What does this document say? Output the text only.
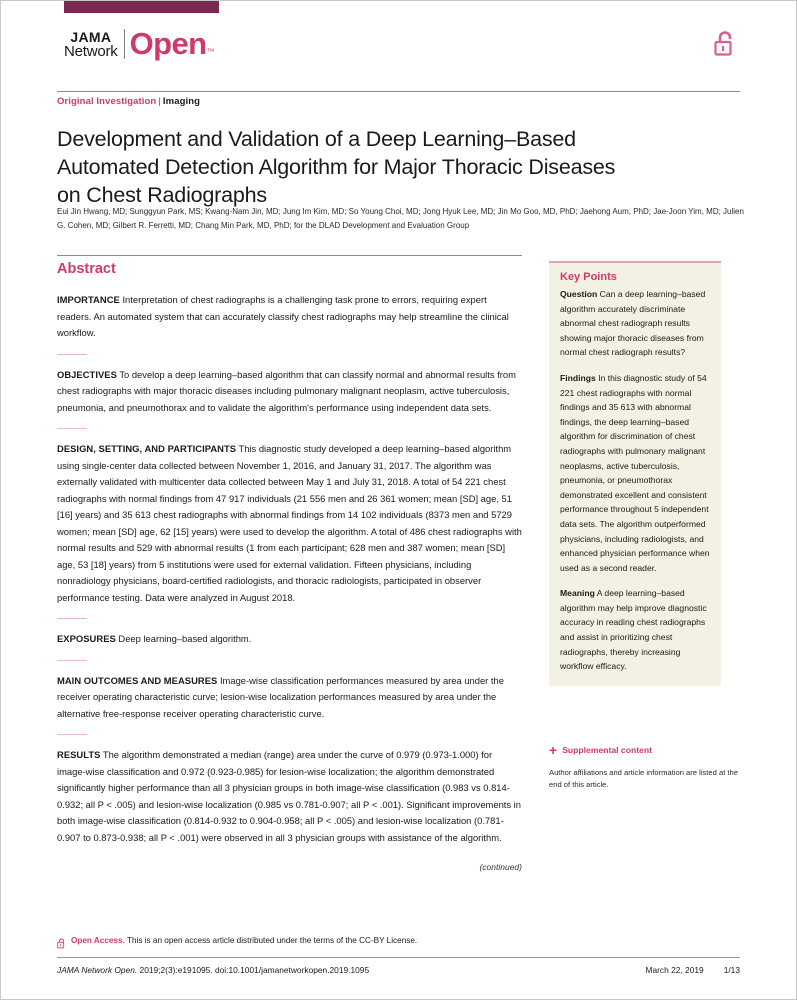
JAMA
Network Open ™
Original Investigation | Imaging
Development and Validation of a Deep Learning–Based Automated Detection Algorithm for Major Thoracic Diseases on Chest Radiographs
Eui Jin Hwang, MD; Sunggyun Park, MS; Kwang-Nam Jin, MD; Jung Im Kim, MD; So Young Choi, MD; Jong Hyuk Lee, MD; Jin Mo Goo, MD, PhD; Jaehong Aum, PhD; Jae-Joon Yim, MD; Julien G. Cohen, MD; Gilbert R. Ferretti, MD; Chang Min Park, MD, PhD; for the DLAD Development and Evaluation Group
Abstract

IMPORTANCE Interpretation of chest radiographs is a challenging task prone to errors, requiring expert readers. An automated system that can accurately classify chest radiographs may help streamline the clinical workflow.

OBJECTIVES To develop a deep learning–based algorithm that can classify normal and abnormal results from chest radiographs with major thoracic diseases including pulmonary malignant neoplasm, active tuberculosis, pneumonia, and pneumothorax and to validate the algorithm's performance using independent data sets.

DESIGN, SETTING, AND PARTICIPANTS This diagnostic study developed a deep learning–based algorithm using single-center data collected between November 1, 2016, and January 31, 2017. The algorithm was externally validated with multicenter data collected between May 1 and July 31, 2018. A total of 54 221 chest radiographs with normal findings from 47 917 individuals (21 556 men and 26 361 women; mean [SD] age, 51 [16] years) and 35 613 chest radiographs with abnormal findings from 14 102 individuals (8373 men and 5729 women; mean [SD] age, 62 [15] years) were used to develop the algorithm. A total of 486 chest radiographs with normal results and 529 with abnormal results (1 from each participant; 628 men and 387 women; mean [SD] age, 53 [18] years) from 5 institutions were used for external validation. Fifteen physicians, including nonradiology physicians, board-certified radiologists, and thoracic radiologists, participated in observer performance testing. Data were analyzed in August 2018.

EXPOSURES Deep learning–based algorithm.

MAIN OUTCOMES AND MEASURES Image-wise classification performances measured by area under the receiver operating characteristic curve; lesion-wise localization performances measured by area under the alternative free-response receiver operating characteristic curve.

RESULTS The algorithm demonstrated a median (range) area under the curve of 0.979 (0.973-1.000) for image-wise classification and 0.972 (0.923-0.985) for lesion-wise localization; the algorithm demonstrated significantly higher performance than all 3 physician groups in both image-wise classification (0.983 vs 0.814-0.932; all P < .005) and lesion-wise localization (0.985 vs 0.781-0.907; all P < .001). Significant improvements in both image-wise classification (0.814-0.932 to 0.904-0.958; all P < .005) and lesion-wise localization (0.781-0.907 to 0.873-0.938; all P < .001) were observed in all 3 physician groups with assistance of the algorithm.

(continued)
Key Points

Question Can a deep learning–based algorithm accurately discriminate abnormal chest radiograph results showing major thoracic diseases from normal chest radiograph results?

Findings In this diagnostic study of 54 221 chest radiographs with normal findings and 35 613 with abnormal findings, the deep learning–based algorithm for discrimination of chest radiographs with pulmonary malignant neoplasms, active tuberculosis, pneumonia, or pneumothorax demonstrated excellent and consistent performance throughout 5 independent data sets. The algorithm outperformed physicians, including radiologists, and enhanced physician performance when used as a second reader.

Meaning A deep learning–based algorithm may help improve diagnostic accuracy in reading chest radiographs and assist in prioritizing chest radiographs, thereby increasing workflow efficacy.

+ Supplemental content
Author affiliations and article information are listed at the end of this article.
Open Access. This is an open access article distributed under the terms of the CC-BY License.
JAMA Network Open. 2019;2(3):e191095. doi:10.1001/jamanetworkopen.2019.1095	March 22, 2019 1/13
